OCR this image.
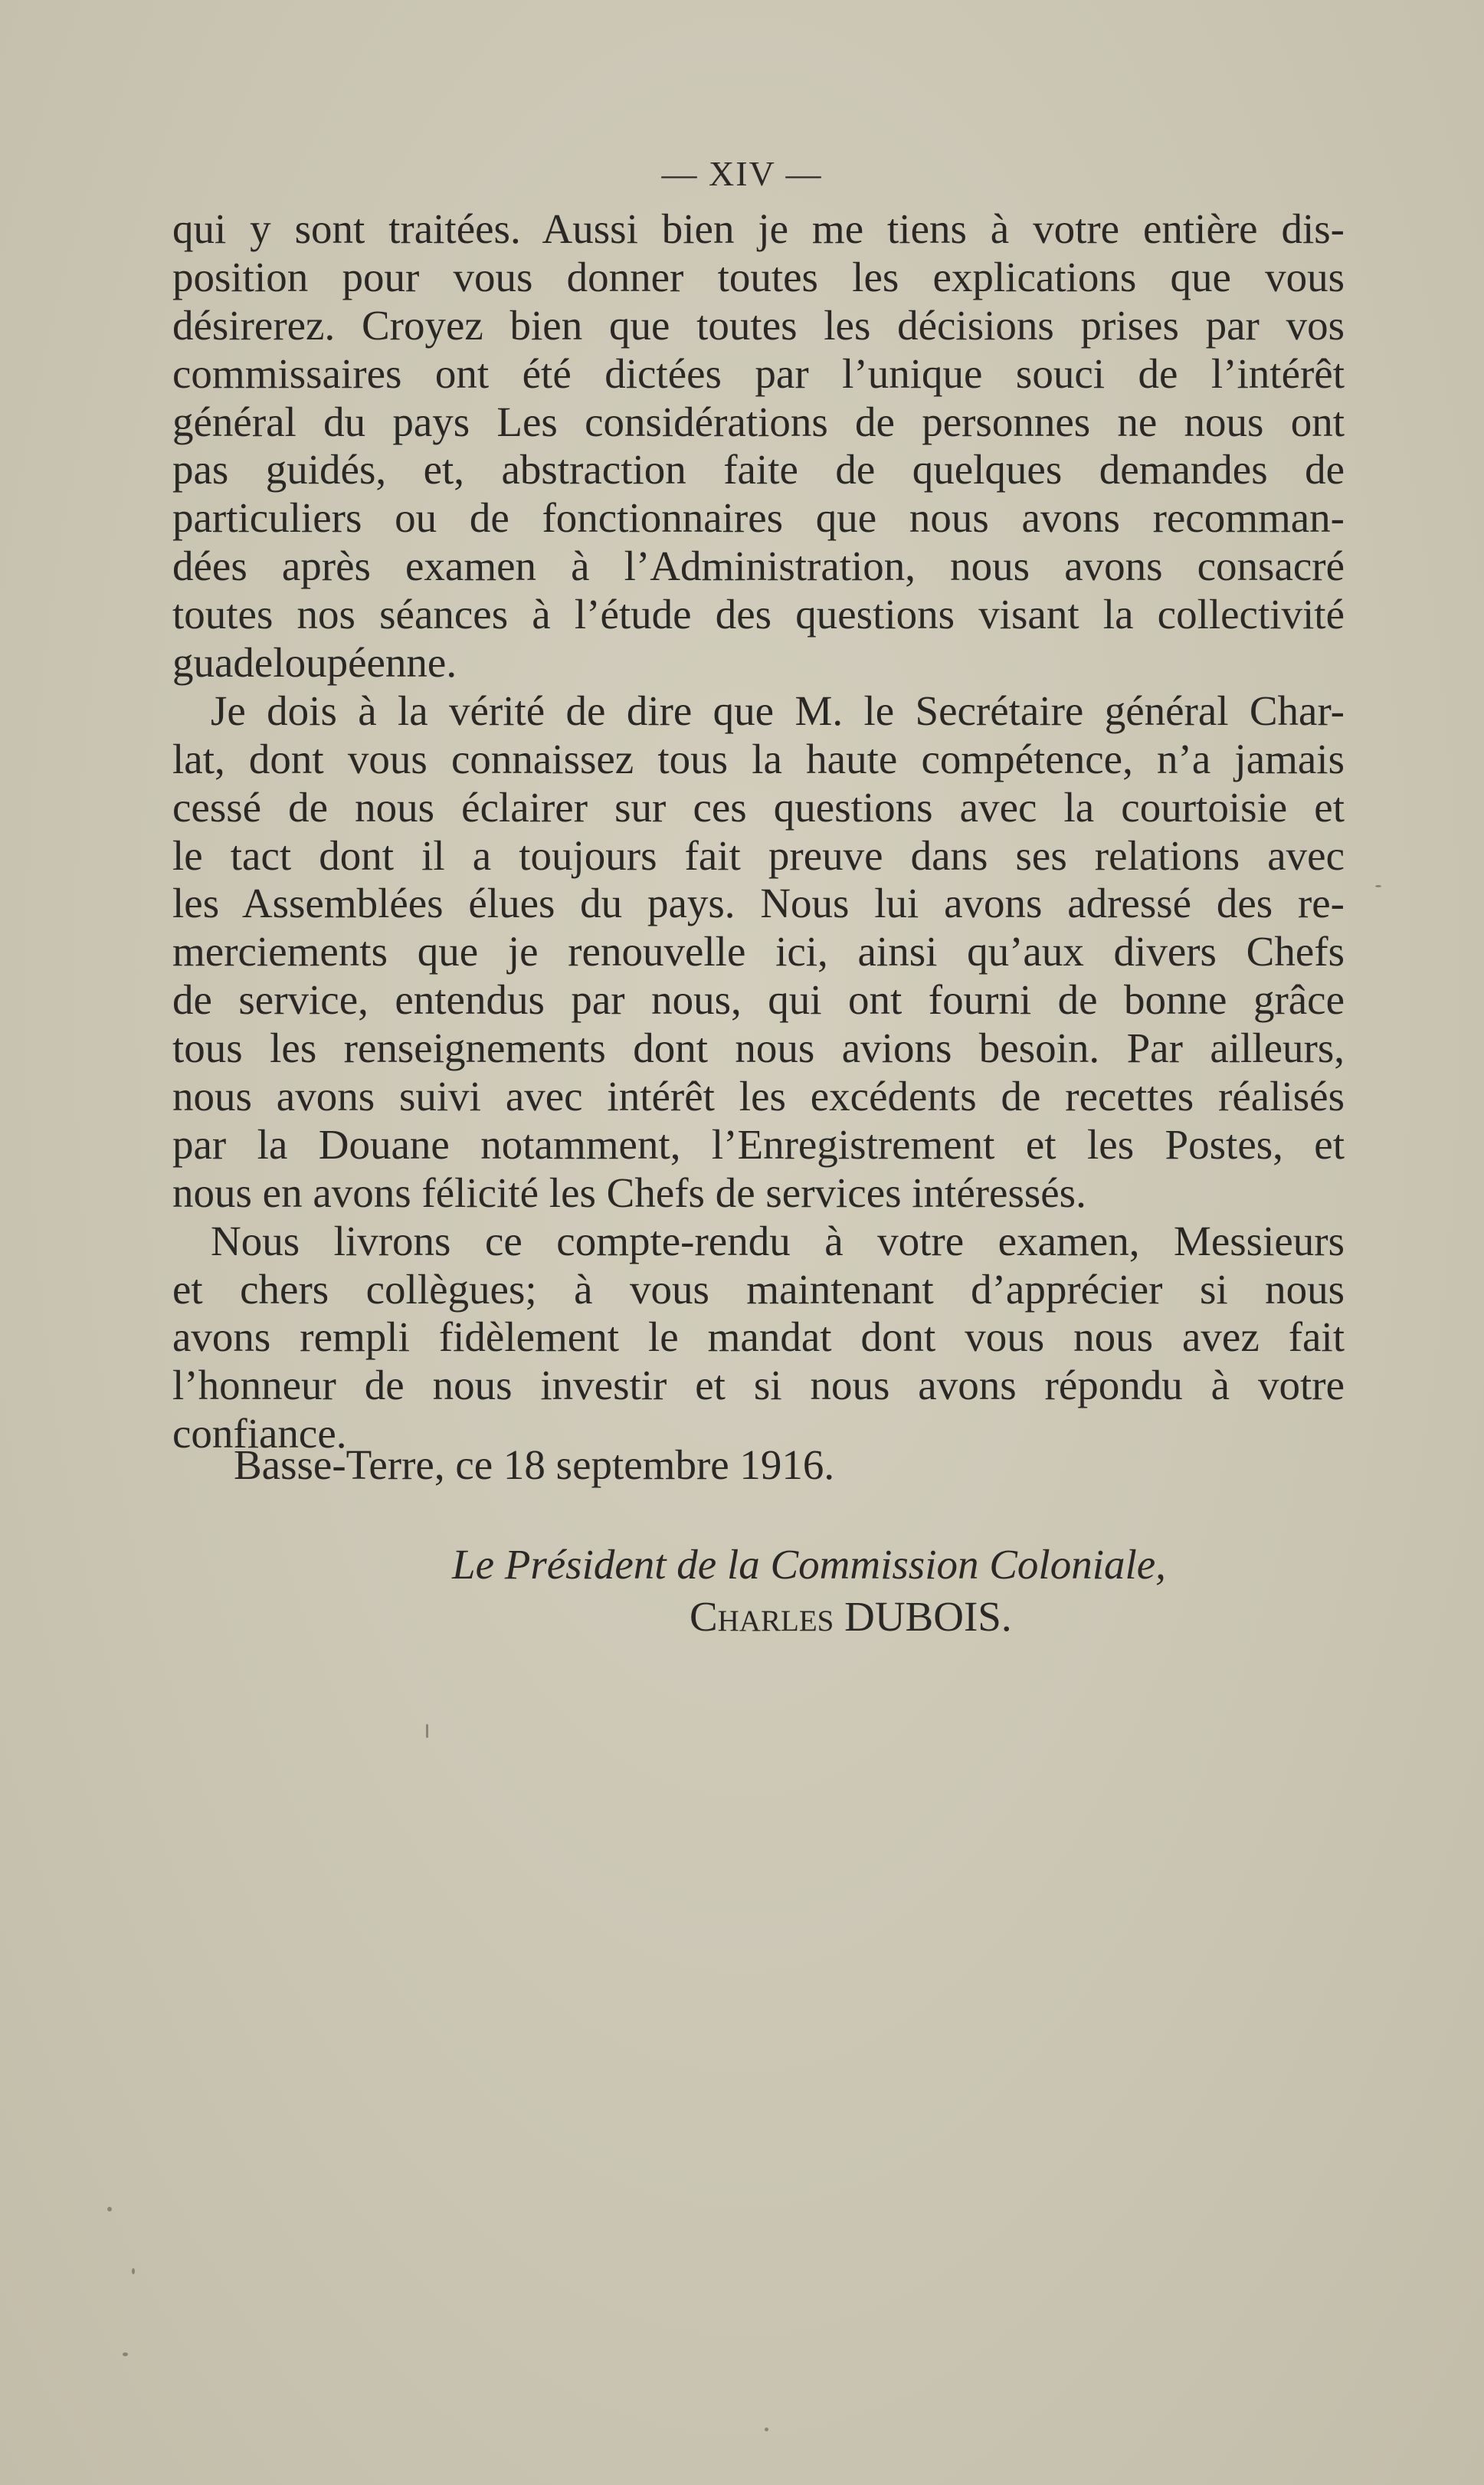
— XIV —
qui y sont traitées. Aussi bien je me tiens à votre entière dis-
position pour vous donner toutes les explications que vous
désirerez. Croyez bien que toutes les décisions prises par vos
commissaires ont été dictées par l’unique souci de l’intérêt
général du pays Les considérations de personnes ne nous ont
pas guidés, et, abstraction faite de quelques demandes de
particuliers ou de fonctionnaires que nous avons recomman-
dées après examen à l’Administration, nous avons consacré
toutes nos séances à l’étude des questions visant la collectivité
guadeloupéenne.
Je dois à la vérité de dire que M. le Secrétaire général Char-
lat, dont vous connaissez tous la haute compétence, n’a jamais
cessé de nous éclairer sur ces questions avec la courtoisie et
le tact dont il a toujours fait preuve dans ses relations avec
les Assemblées élues du pays. Nous lui avons adressé des re-
merciements que je renouvelle ici, ainsi qu’aux divers Chefs
de service, entendus par nous, qui ont fourni de bonne grâce
tous les renseignements dont nous avions besoin. Par ailleurs,
nous avons suivi avec intérêt les excédents de recettes réalisés
par la Douane notamment, l’Enregistrement et les Postes, et
nous en avons félicité les Chefs de services intéressés.
Nous livrons ce compte-rendu à votre examen, Messieurs
et chers collègues; à vous maintenant d’apprécier si nous
avons rempli fidèlement le mandat dont vous nous avez fait
l’honneur de nous investir et si nous avons répondu à votre
confiance.
Basse-Terre, ce 18 septembre 1916.
Le Président de la Commission Coloniale,
Charles DUBOIS.
